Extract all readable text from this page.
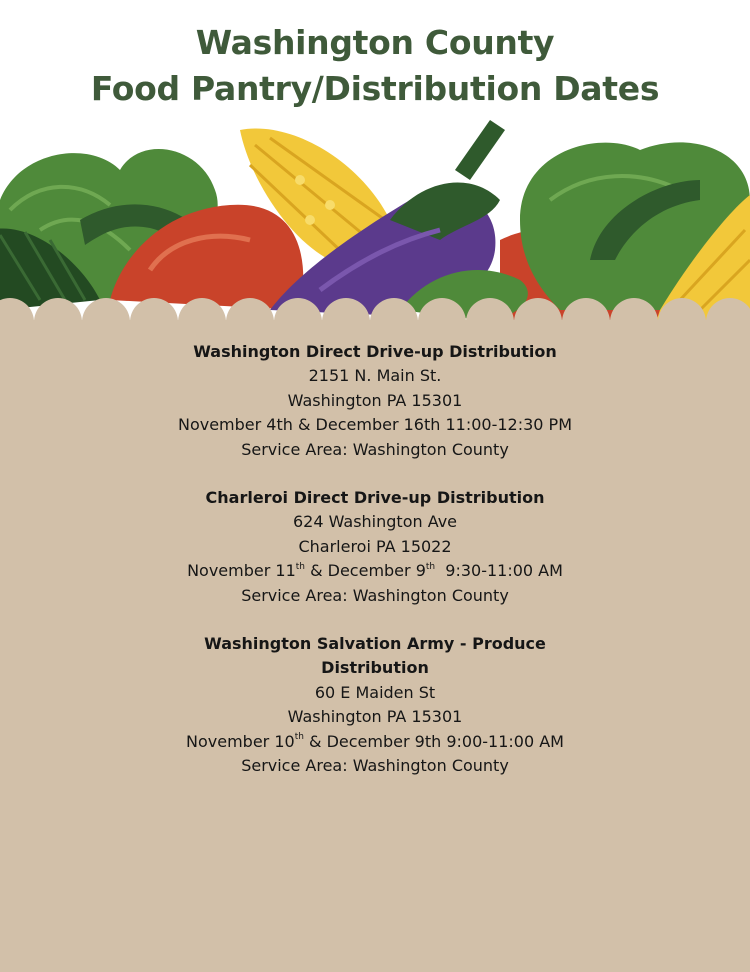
Washington County
Food Pantry/Distribution Dates

Washington Direct Drive-up Distribution

2151 N. Main St.

Washington PA 15301

November 4th & December 16th 11:00-12:30 PM

Service Area: Washington County

Charleroi Direct Drive-up Distribution

624 Washington Ave

Charleroi PA 15022

November 11th & December 9th  9:30-11:00 AM

Service Area: Washington County

Washington Salvation Army - Produce

Distribution

60 E Maiden St

Washington PA 15301

November 10th & December 9th 9:00-11:00 AM

Service Area: Washington County
